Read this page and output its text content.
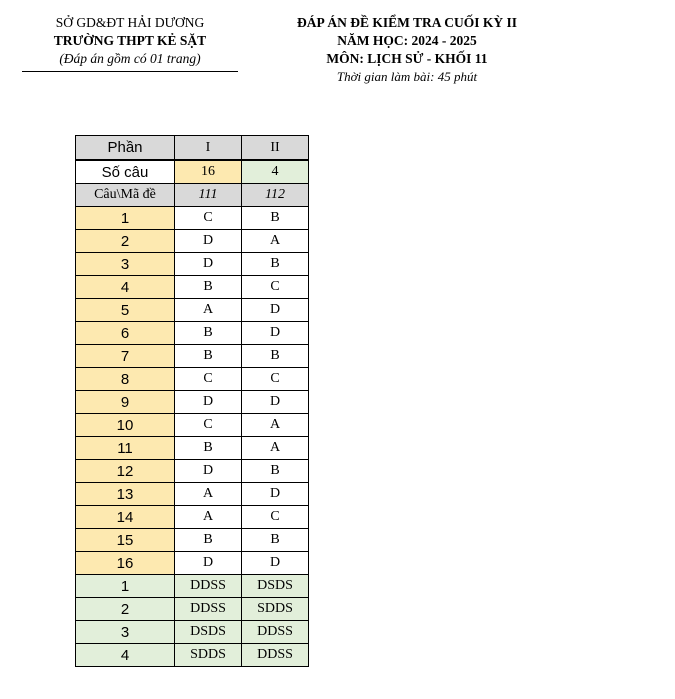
SỞ GD&ĐT HẢI DƯƠNG
TRƯỜNG THPT KẺ SẶT
(Đáp án gồm có 01 trang)
ĐÁP ÁN ĐỀ KIỂM TRA CUỐI KỲ II
NĂM HỌC: 2024 - 2025
MÔN: LỊCH SỬ - KHỐI 11
Thời gian làm bài: 45 phút
Phần	I	II
Số câu	16	4
Câu\Mã đề	111	112
1	C	B
2	D	A
3	D	B
4	B	C
5	A	D
6	B	D
7	B	B
8	C	C
9	D	D
10	C	A
11	B	A
12	D	B
13	A	D
14	A	C
15	B	B
16	D	D
1	DDSS	DSDS
2	DDSS	SDDS
3	DSDS	DDSS
4	SDDS	DDSS
